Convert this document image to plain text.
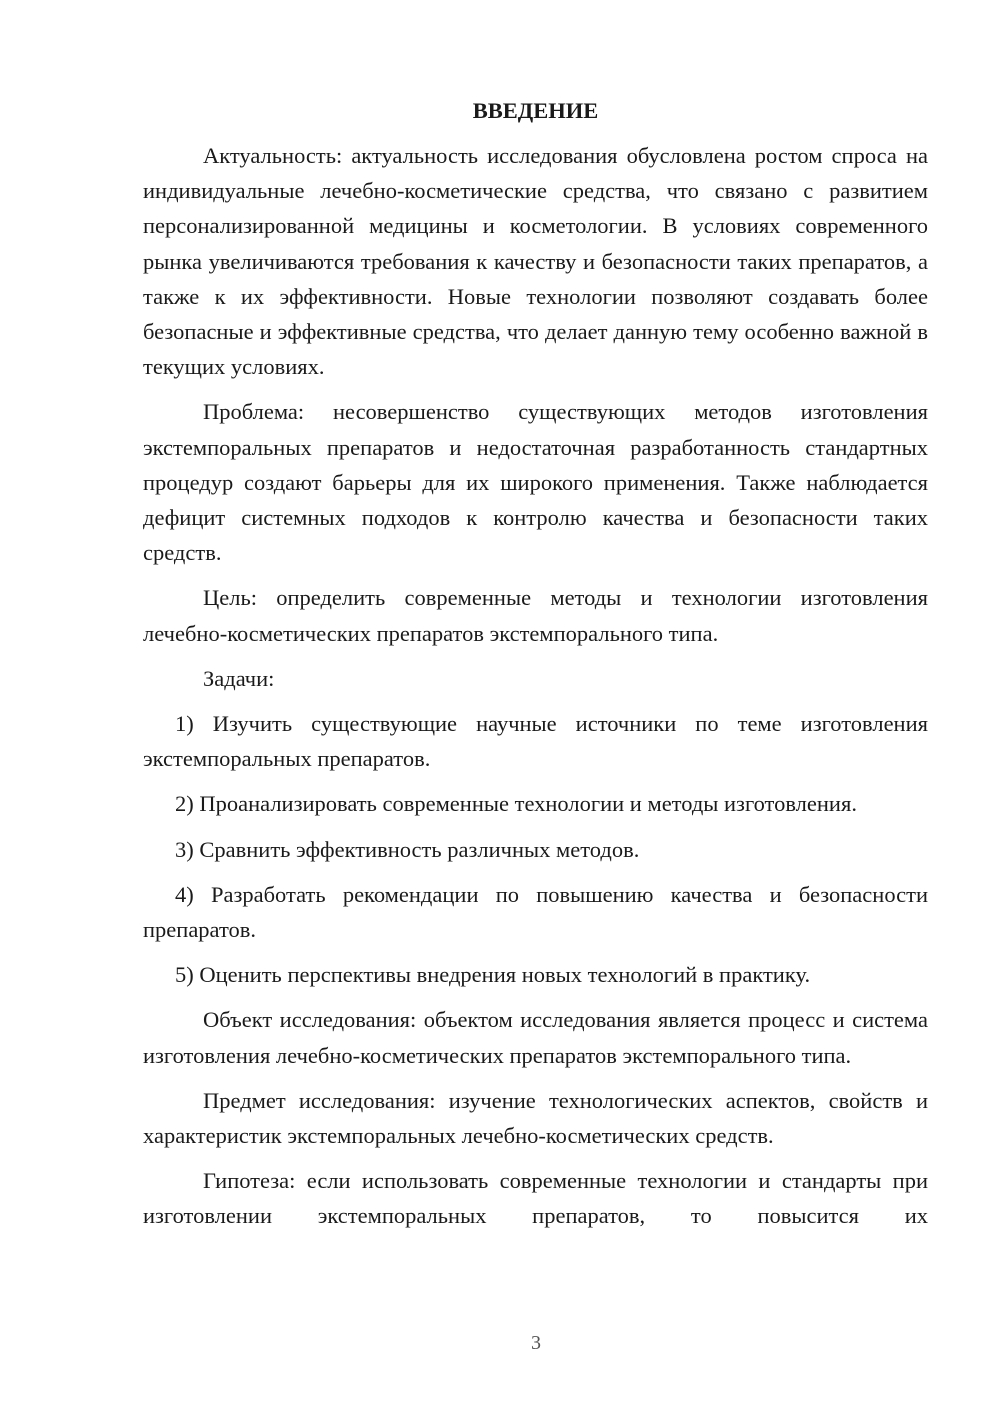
ВВЕДЕНИЕ

Актуальность: актуальность исследования обусловлена ростом спроса на индивидуальные лечебно-косметические средства, что связано с развитием персонализированной медицины и косметологии. В условиях современного рынка увеличиваются требования к качеству и безопасности таких препаратов, а также к их эффективности. Новые технологии позволяют создавать более безопасные и эффективные средства, что делает данную тему особенно важной в текущих условиях.

Проблема: несовершенство существующих методов изготовления экстемпоральных препаратов и недостаточная разработанность стандартных процедур создают барьеры для их широкого применения. Также наблюдается дефицит системных подходов к контролю качества и безопасности таких средств.

Цель: определить современные методы и технологии изготовления лечебно-косметических препаратов экстемпорального типа.

Задачи:

1) Изучить существующие научные источники по теме изготовления экстемпоральных препаратов.

2) Проанализировать современные технологии и методы изготовления.

3) Сравнить эффективность различных методов.

4) Разработать рекомендации по повышению качества и безопасности препаратов.

5) Оценить перспективы внедрения новых технологий в практику.

Объект исследования: объектом исследования является процесс и система изготовления лечебно-косметических препаратов экстемпорального типа.

Предмет исследования: изучение технологических аспектов, свойств и характеристик экстемпоральных лечебно-косметических средств.

Гипотеза: если использовать современные технологии и стандарты при изготовлении экстемпоральных препаратов, то повысится их

3
